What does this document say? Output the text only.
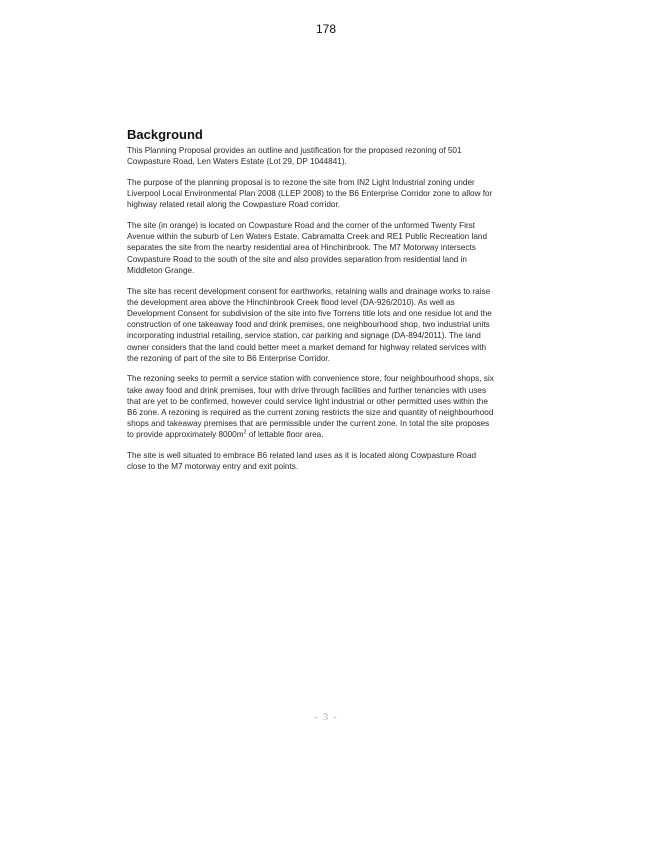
178
Background

This Planning Proposal provides an outline and justification for the proposed rezoning of 501 Cowpasture Road, Len Waters Estate (Lot 29, DP 1044841).

The purpose of the planning proposal is to rezone the site from IN2 Light Industrial zoning under Liverpool Local Environmental Plan 2008 (LLEP 2008) to the B6 Enterprise Corridor zone to allow for highway related retail along the Cowpasture Road corridor.

The site (in orange) is located on Cowpasture Road and the corner of the unformed Twenty First Avenue within the suburb of Len Waters Estate. Cabramatta Creek and RE1 Public Recreation land separates the site from the nearby residential area of Hinchinbrook. The M7 Motorway intersects Cowpasture Road to the south of the site and also provides separation from residential land in Middleton Grange.

The site has recent development consent for earthworks, retaining walls and drainage works to raise the development area above the Hinchinbrook Creek flood level (DA-926/2010). As well as Development Consent for subdivision of the site into five Torrens title lots and one residue lot and the construction of one takeaway food and drink premises, one neighbourhood shop, two industrial units incorporating industrial retailing, service station, car parking and signage (DA-894/2011). The land owner considers that the land could better meet a market demand for highway related services with the rezoning of part of the site to B6 Enterprise Corridor.

The rezoning seeks to permit a service station with convenience store, four neighbourhood shops, six take away food and drink premises, four with drive through facilities and further tenancies with uses that are yet to be confirmed, however could service light industrial or other permitted uses within the B6 zone. A rezoning is required as the current zoning restricts the size and quantity of neighbourhood shops and takeaway premises that are permissible under the current zone. In total the site proposes to provide approximately $8000m^2$ of lettable floor area.

The site is well situated to embrace B6 related land uses as it is located along Cowpasture Road close to the M7 motorway entry and exit points.

- 3 -
